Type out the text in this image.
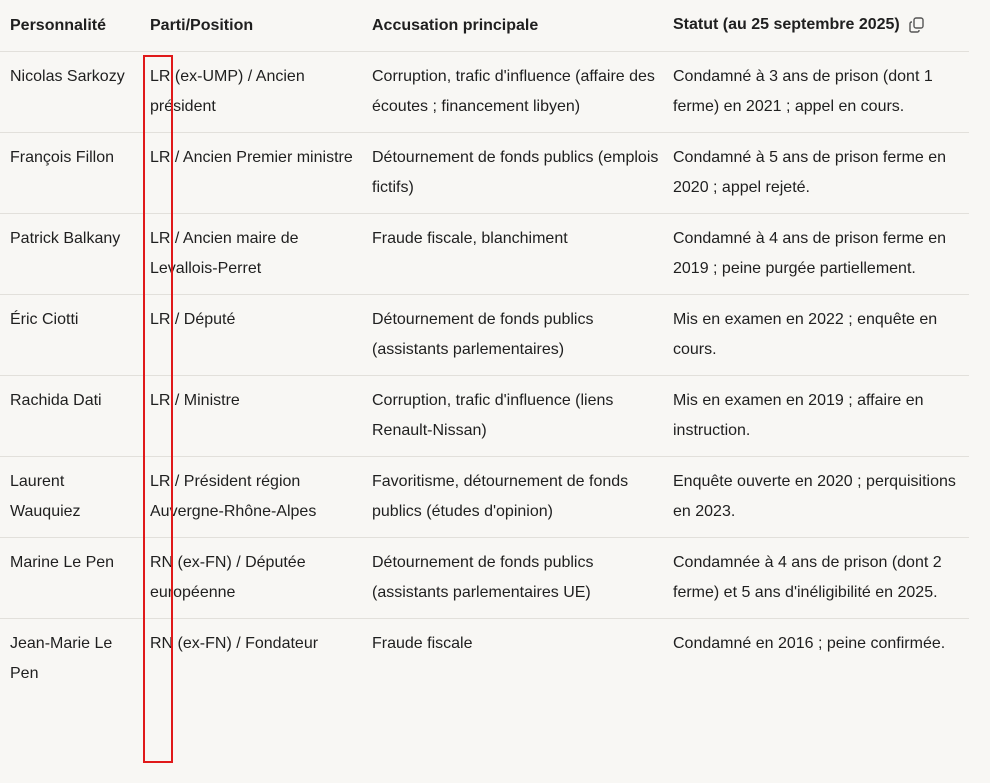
Personnalité	Parti/Position	Accusation principale	Statut (au 25 septembre 2025)
Nicolas Sarkozy	LR (ex-UMP) / Ancien président	Corruption, trafic d'influence (affaire des écoutes ; financement libyen)	Condamné à 3 ans de prison (dont 1 ferme) en 2021 ; appel en cours.
François Fillon	LR / Ancien Premier ministre	Détournement de fonds publics (emplois fictifs)	Condamné à 5 ans de prison ferme en 2020 ; appel rejeté.
Patrick Balkany	LR / Ancien maire de Levallois-Perret	Fraude fiscale, blanchiment	Condamné à 4 ans de prison ferme en 2019 ; peine purgée partiellement.
Éric Ciotti	LR / Député	Détournement de fonds publics (assistants parlementaires)	Mis en examen en 2022 ; enquête en cours.
Rachida Dati	LR / Ministre	Corruption, trafic d'influence (liens Renault-Nissan)	Mis en examen en 2019 ; affaire en instruction.
Laurent Wauquiez	LR / Président région Auvergne-Rhône-Alpes	Favoritisme, détournement de fonds publics (études d'opinion)	Enquête ouverte en 2020 ; perquisitions en 2023.
Marine Le Pen	RN (ex-FN) / Députée européenne	Détournement de fonds publics (assistants parlementaires UE)	Condamnée à 4 ans de prison (dont 2 ferme) et 5 ans d'inéligibilité en 2025.
Jean-Marie Le Pen	RN (ex-FN) / Fondateur	Fraude fiscale	Condamné en 2016 ; peine confirmée.
